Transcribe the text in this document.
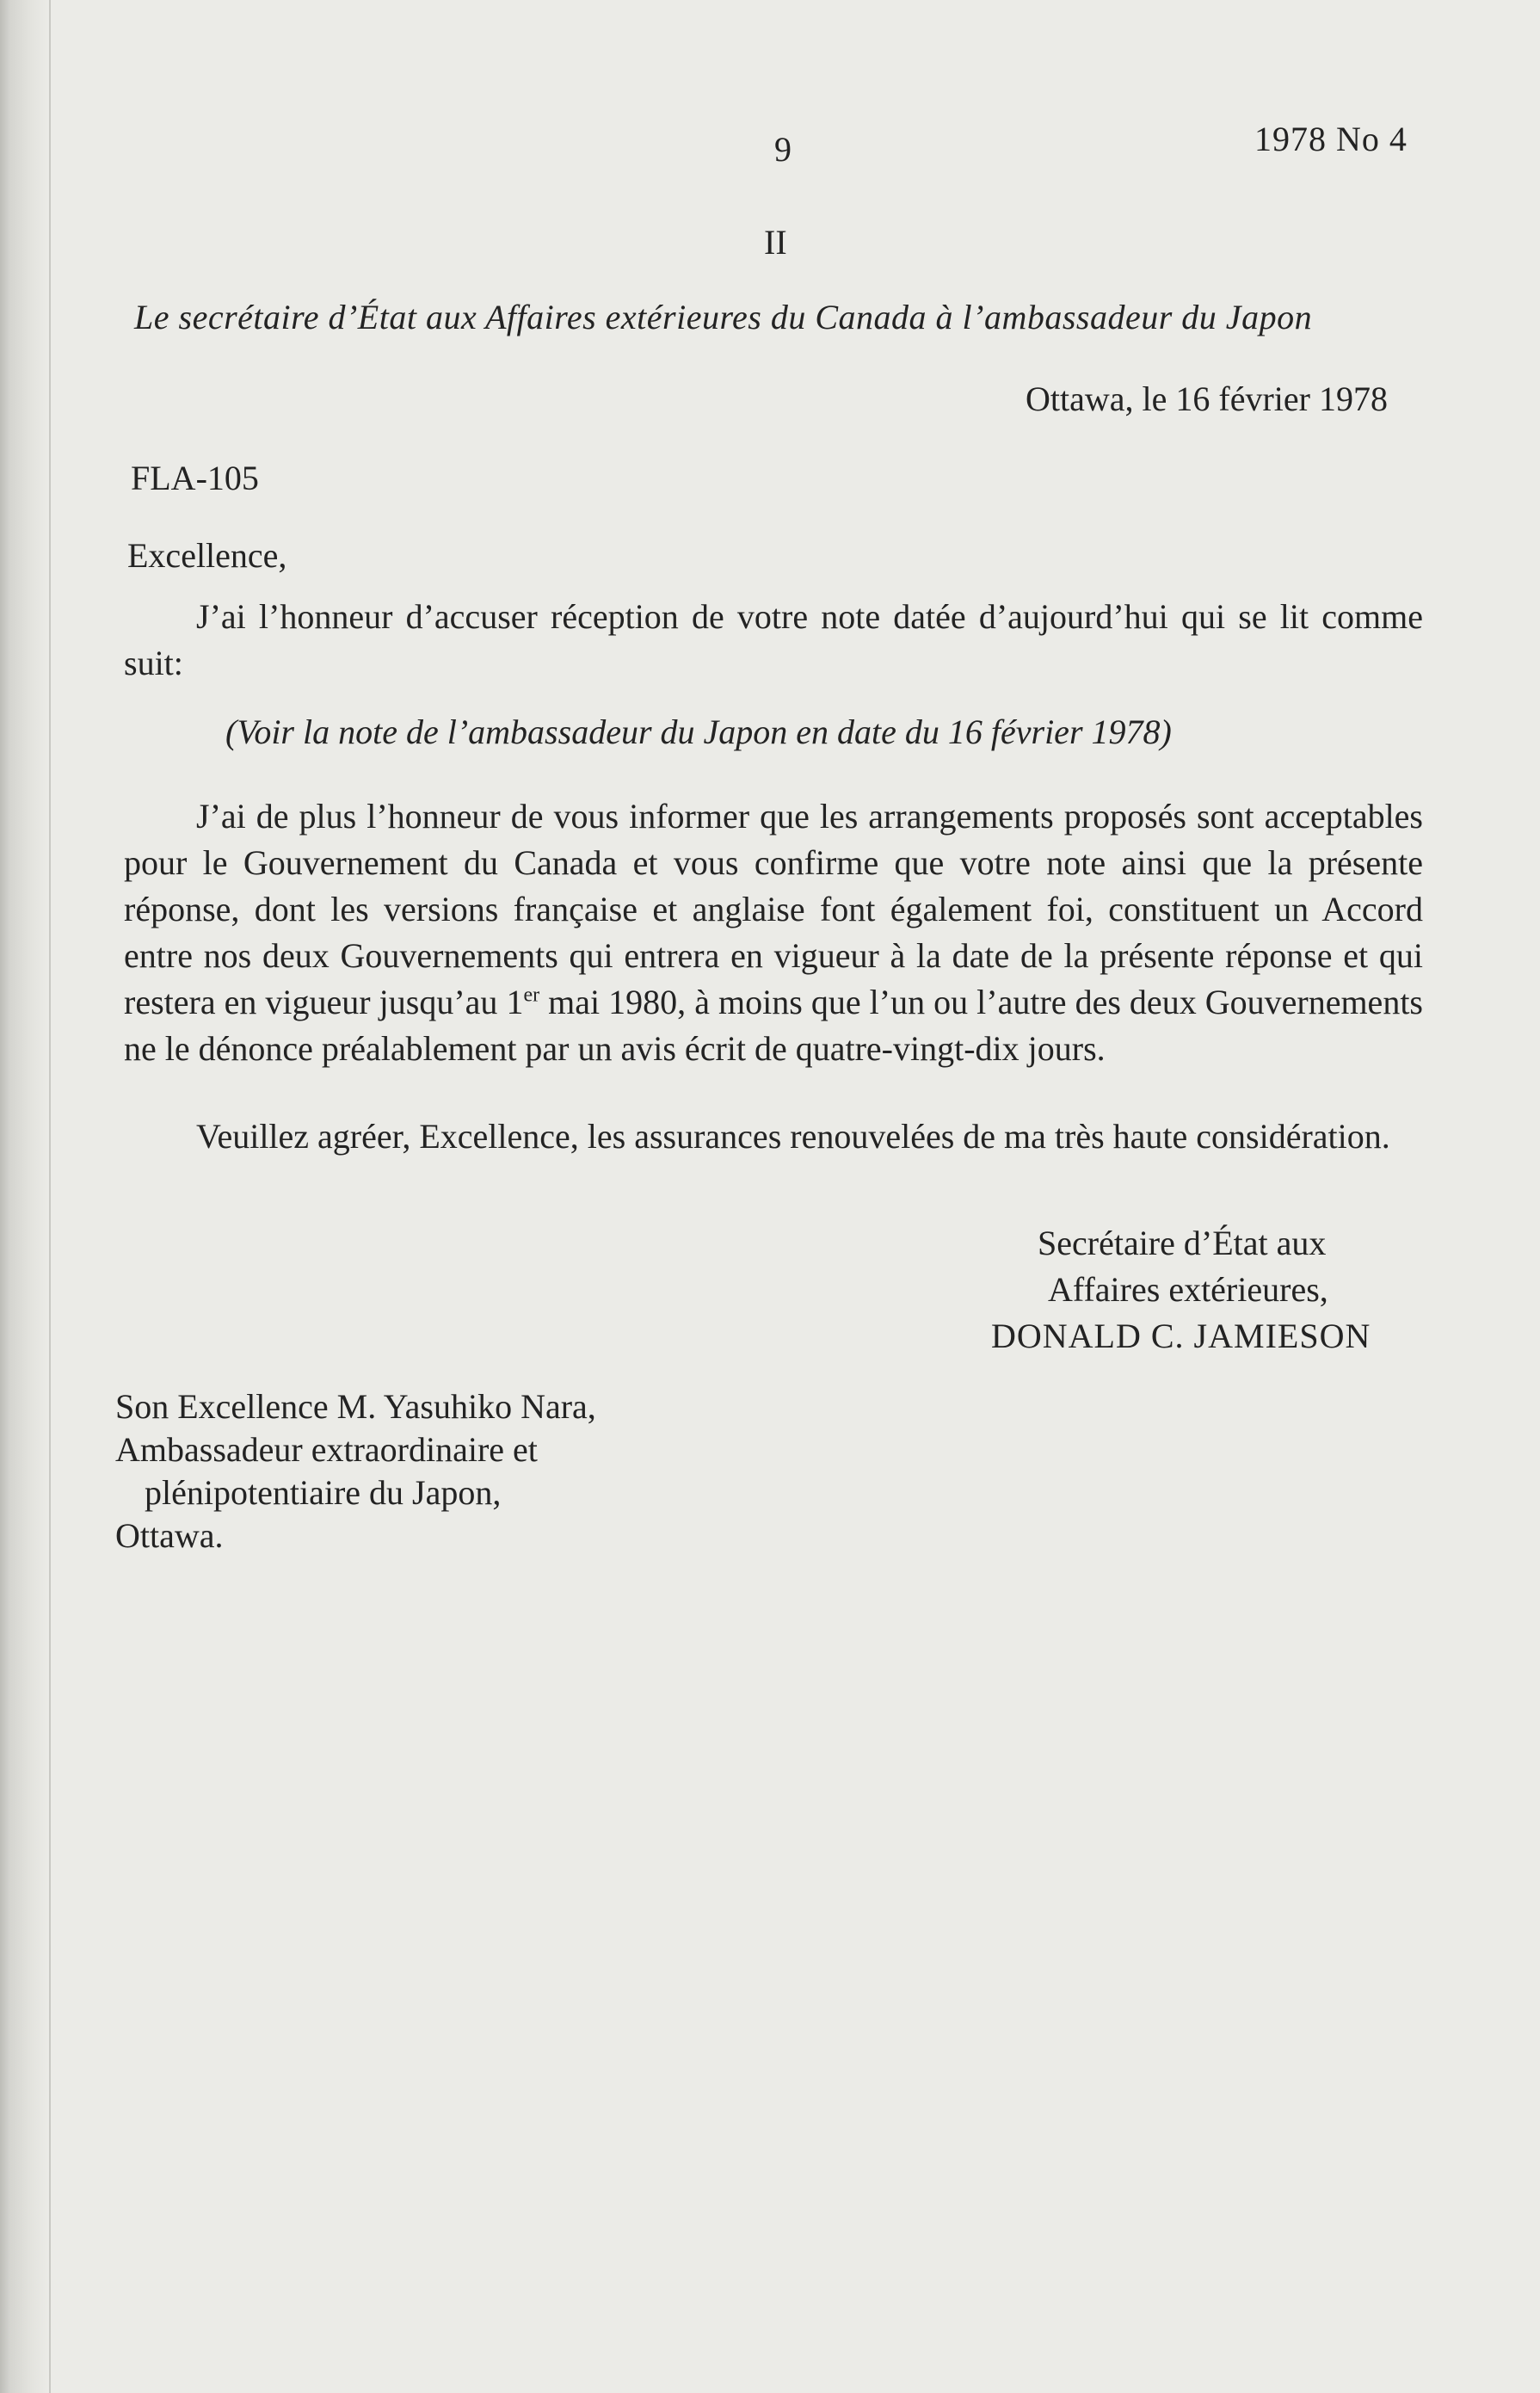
9	1978 No 4
II
Le secrétaire d’État aux Affaires extérieures du Canada à l’ambassadeur du Japon
Ottawa, le 16 février 1978
FLA-105
Excellence,
J’ai l’honneur d’accuser réception de votre note datée d’aujourd’hui qui se lit comme suit:
(Voir la note de l’ambassadeur du Japon en date du 16 février 1978)
J’ai de plus l’honneur de vous informer que les arrangements proposés sont acceptables pour le Gouvernement du Canada et vous confirme que votre note ainsi que la présente réponse, dont les versions française et anglaise font également foi, constituent un Accord entre nos deux Gouvernements qui entrera en vigueur à la date de la présente réponse et qui restera en vigueur jusqu’au 1er mai 1980, à moins que l’un ou l’autre des deux Gouvernements ne le dénonce préalablement par un avis écrit de quatre-vingt-dix jours.
Veuillez agréer, Excellence, les assurances renouvelées de ma très haute considération.
Secrétaire d’État aux
Affaires extérieures,
DONALD C. JAMIESON
Son Excellence M. Yasuhiko Nara,
Ambassadeur extraordinaire et
plénipotentiaire du Japon,
Ottawa.
